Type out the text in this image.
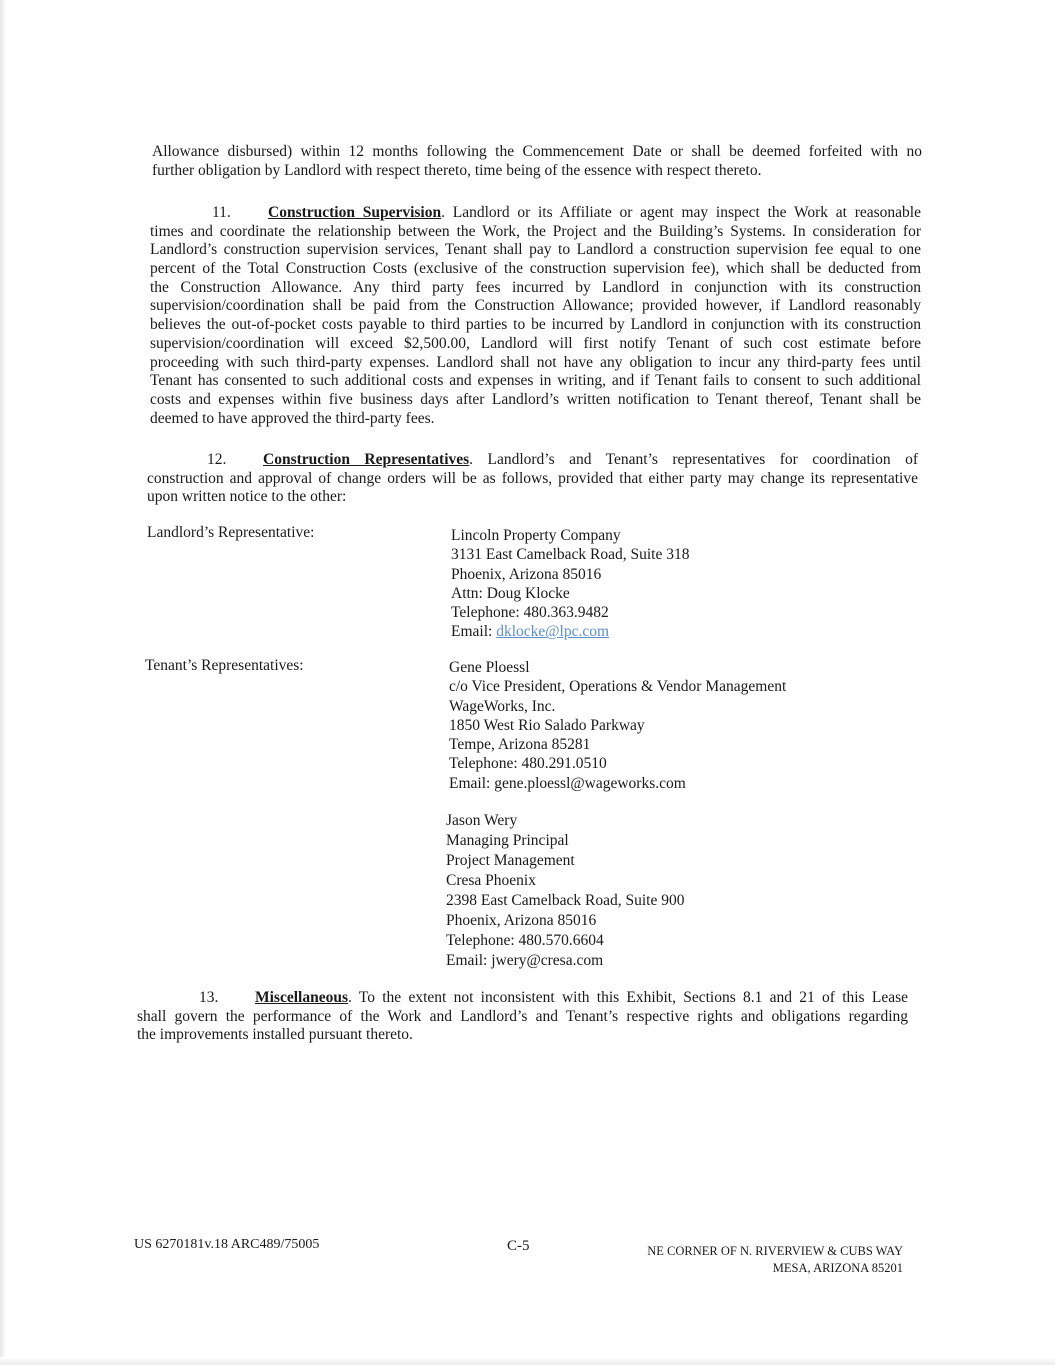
Allowance disbursed) within 12 months following the Commencement Date or shall be deemed forfeited with no
further obligation by Landlord with respect thereto, time being of the essence with respect thereto.
11. Construction Supervision. Landlord or its Affiliate or agent may inspect the Work at reasonable
times and coordinate the relationship between the Work, the Project and the Building’s Systems. In consideration for
Landlord’s construction supervision services, Tenant shall pay to Landlord a construction supervision fee equal to one
percent of the Total Construction Costs (exclusive of the construction supervision fee), which shall be deducted from
the Construction Allowance. Any third party fees incurred by Landlord in conjunction with its construction
supervision/coordination shall be paid from the Construction Allowance; provided however, if Landlord reasonably
believes the out-of-pocket costs payable to third parties to be incurred by Landlord in conjunction with its construction
supervision/coordination will exceed $2,500.00, Landlord will first notify Tenant of such cost estimate before
proceeding with such third-party expenses. Landlord shall not have any obligation to incur any third-party fees until
Tenant has consented to such additional costs and expenses in writing, and if Tenant fails to consent to such additional
costs and expenses within five business days after Landlord’s written notification to Tenant thereof, Tenant shall be
deemed to have approved the third-party fees.
12. Construction Representatives. Landlord’s and Tenant’s representatives for coordination of
construction and approval of change orders will be as follows, provided that either party may change its representative
upon written notice to the other:
Landlord’s Representative:	Lincoln Property Company
3131 East Camelback Road, Suite 318
Phoenix, Arizona 85016
Attn: Doug Klocke
Telephone: 480.363.9482
Email: dklocke@lpc.com
Tenant’s Representatives:	Gene Ploessl
c/o Vice President, Operations & Vendor Management
WageWorks, Inc.
1850 West Rio Salado Parkway
Tempe, Arizona 85281
Telephone: 480.291.0510
Email: gene.ploessl@wageworks.com
Jason Wery
Managing Principal
Project Management
Cresa Phoenix
2398 East Camelback Road, Suite 900
Phoenix, Arizona 85016
Telephone: 480.570.6604
Email: jwery@cresa.com
13. Miscellaneous. To the extent not inconsistent with this Exhibit, Sections 8.1 and 21 of this Lease
shall govern the performance of the Work and Landlord’s and Tenant’s respective rights and obligations regarding
the improvements installed pursuant thereto.
US 6270181v.18 ARC489/75005	C-5	NE CORNER OF N. RIVERVIEW & CUBS WAY
MESA, ARIZONA 85201
